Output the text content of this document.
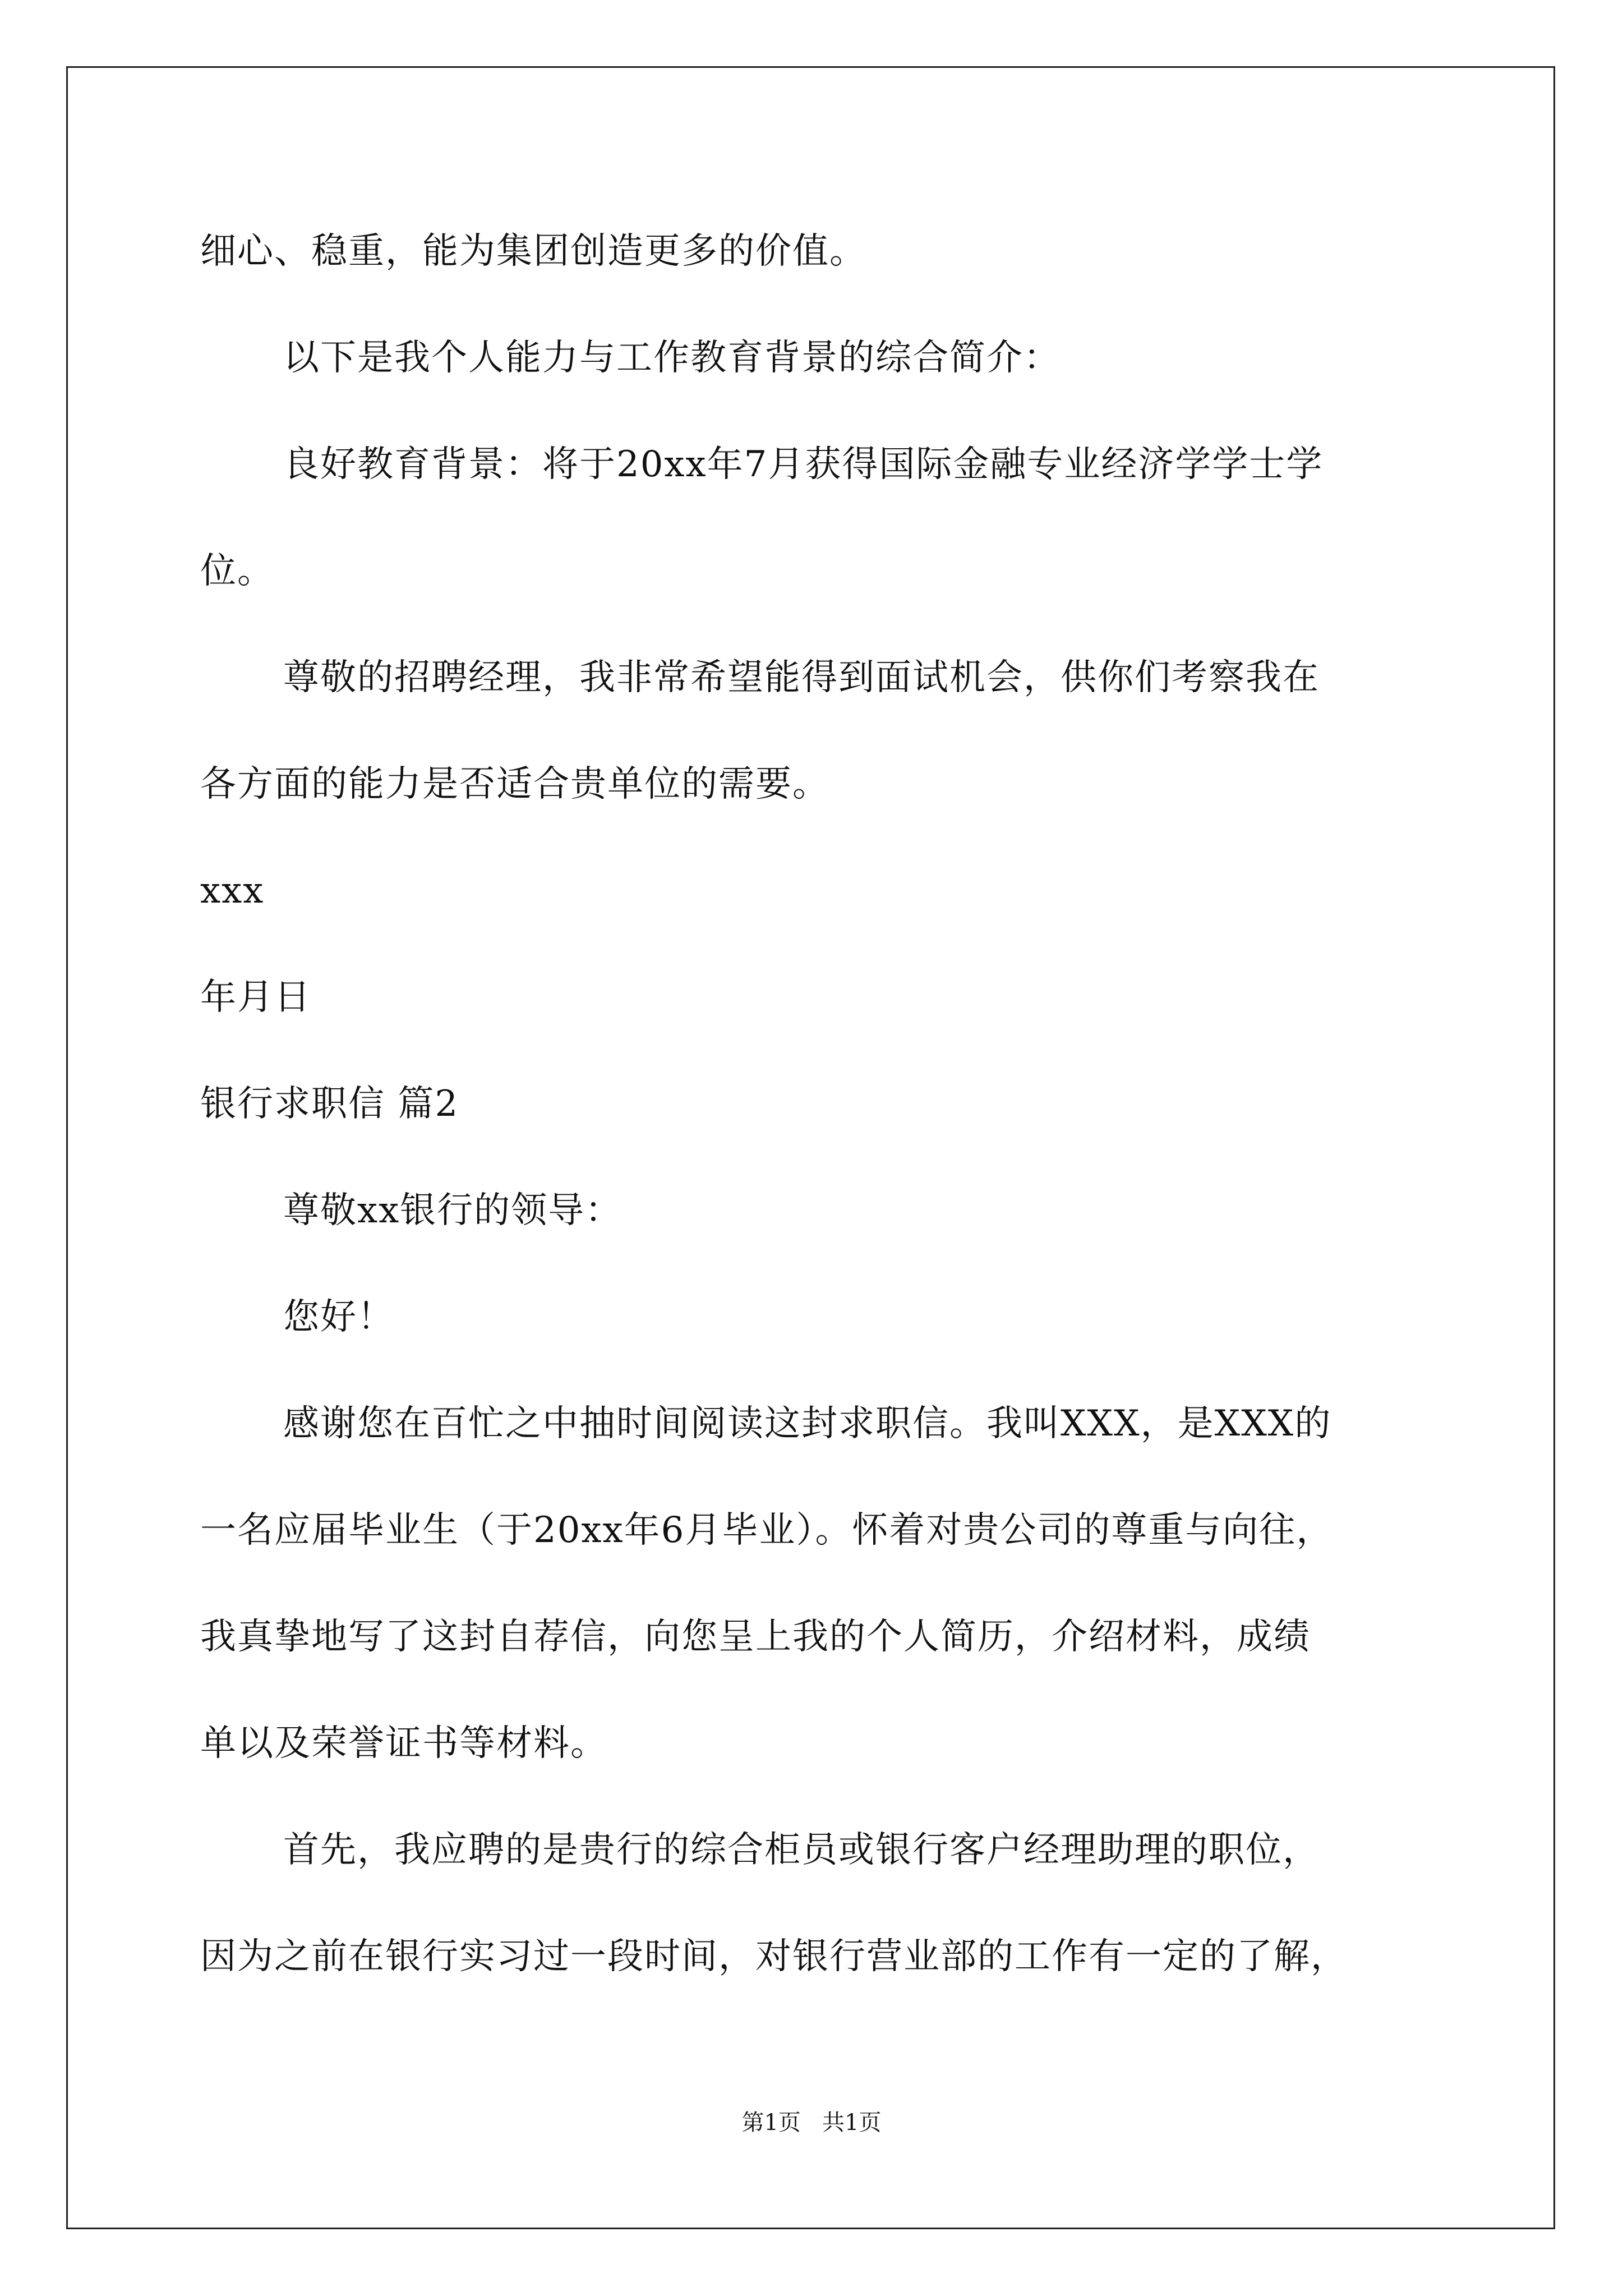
细心、稳重，能为集团创造更多的价值。
以下是我个人能力与工作教育背景的综合简介：
良好教育背景：将于20xx年7月获得国际金融专业经济学学士学
位。
尊敬的招聘经理，我非常希望能得到面试机会，供你们考察我在
各方面的能力是否适合贵单位的需要。
xxx
年月日
银行求职信 篇2
尊敬xx银行的领导：
您好！
感谢您在百忙之中抽时间阅读这封求职信。我叫XXX，是XXX的
一名应届毕业生（于20xx年6月毕业）。怀着对贵公司的尊重与向往，
我真挚地写了这封自荐信，向您呈上我的个人简历，介绍材料，成绩
单以及荣誉证书等材料。
首先，我应聘的是贵行的综合柜员或银行客户经理助理的职位，
因为之前在银行实习过一段时间，对银行营业部的工作有一定的了解，
第1页   共1页
